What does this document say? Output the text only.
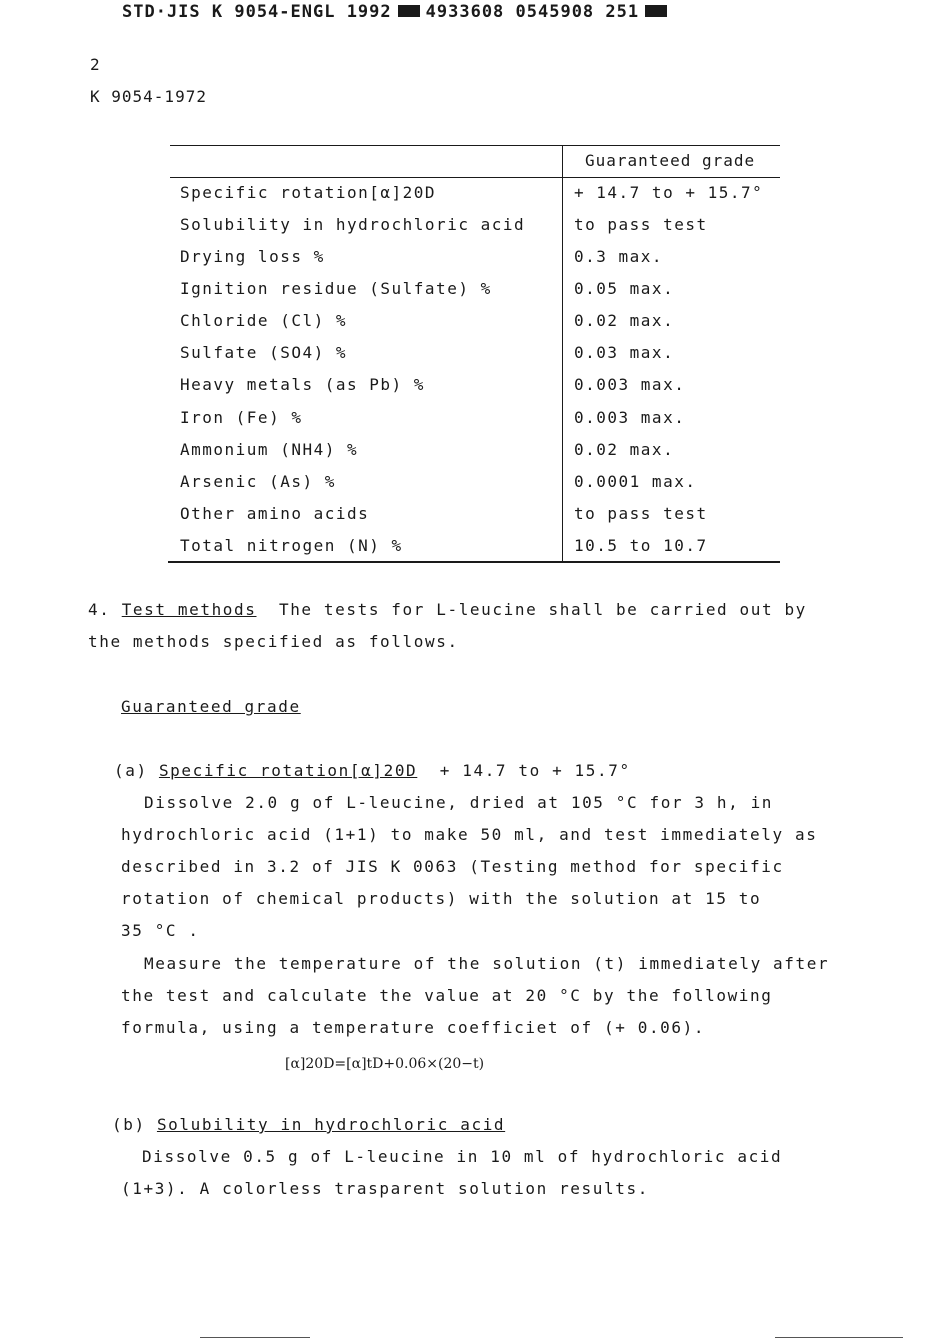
STD·JIS K 9054-ENGL 1992 4933608 0545908 251
2
K 9054-1972
Guaranteed grade
Specific rotation[α]20D	+ 14.7 to + 15.7°
Solubility in hydrochloric acid	to pass test
Drying loss %	0.3 max.
Ignition residue (Sulfate) %	0.05 max.
Chloride (Cl) %	0.02 max.
Sulfate (SO4) %	0.03 max.
Heavy metals (as Pb) %	0.003 max.
Iron (Fe) %	0.003 max.
Ammonium (NH4) %	0.02 max.
Arsenic (As) %	0.0001 max.
Other amino acids	to pass test
Total nitrogen (N) %	10.5 to 10.7
4. Test methods The tests for L-leucine shall be carried out by
the methods specified as follows.
Guaranteed grade
(a) Specific rotation[α]20D + 14.7 to + 15.7°
Dissolve 2.0 g of L-leucine, dried at 105 °C for 3 h, in
hydrochloric acid (1+1) to make 50 ml, and test immediately as
described in 3.2 of JIS K 0063 (Testing method for specific
rotation of chemical products) with the solution at 15 to
35 °C .
Measure the temperature of the solution (t) immediately after
the test and calculate the value at 20 °C by the following
formula, using a temperature coefficiet of (+ 0.06).
[α]20D=[α]tD+0.06×(20−t)
(b) Solubility in hydrochloric acid
Dissolve 0.5 g of L-leucine in 10 ml of hydrochloric acid
(1+3). A colorless trasparent solution results.
